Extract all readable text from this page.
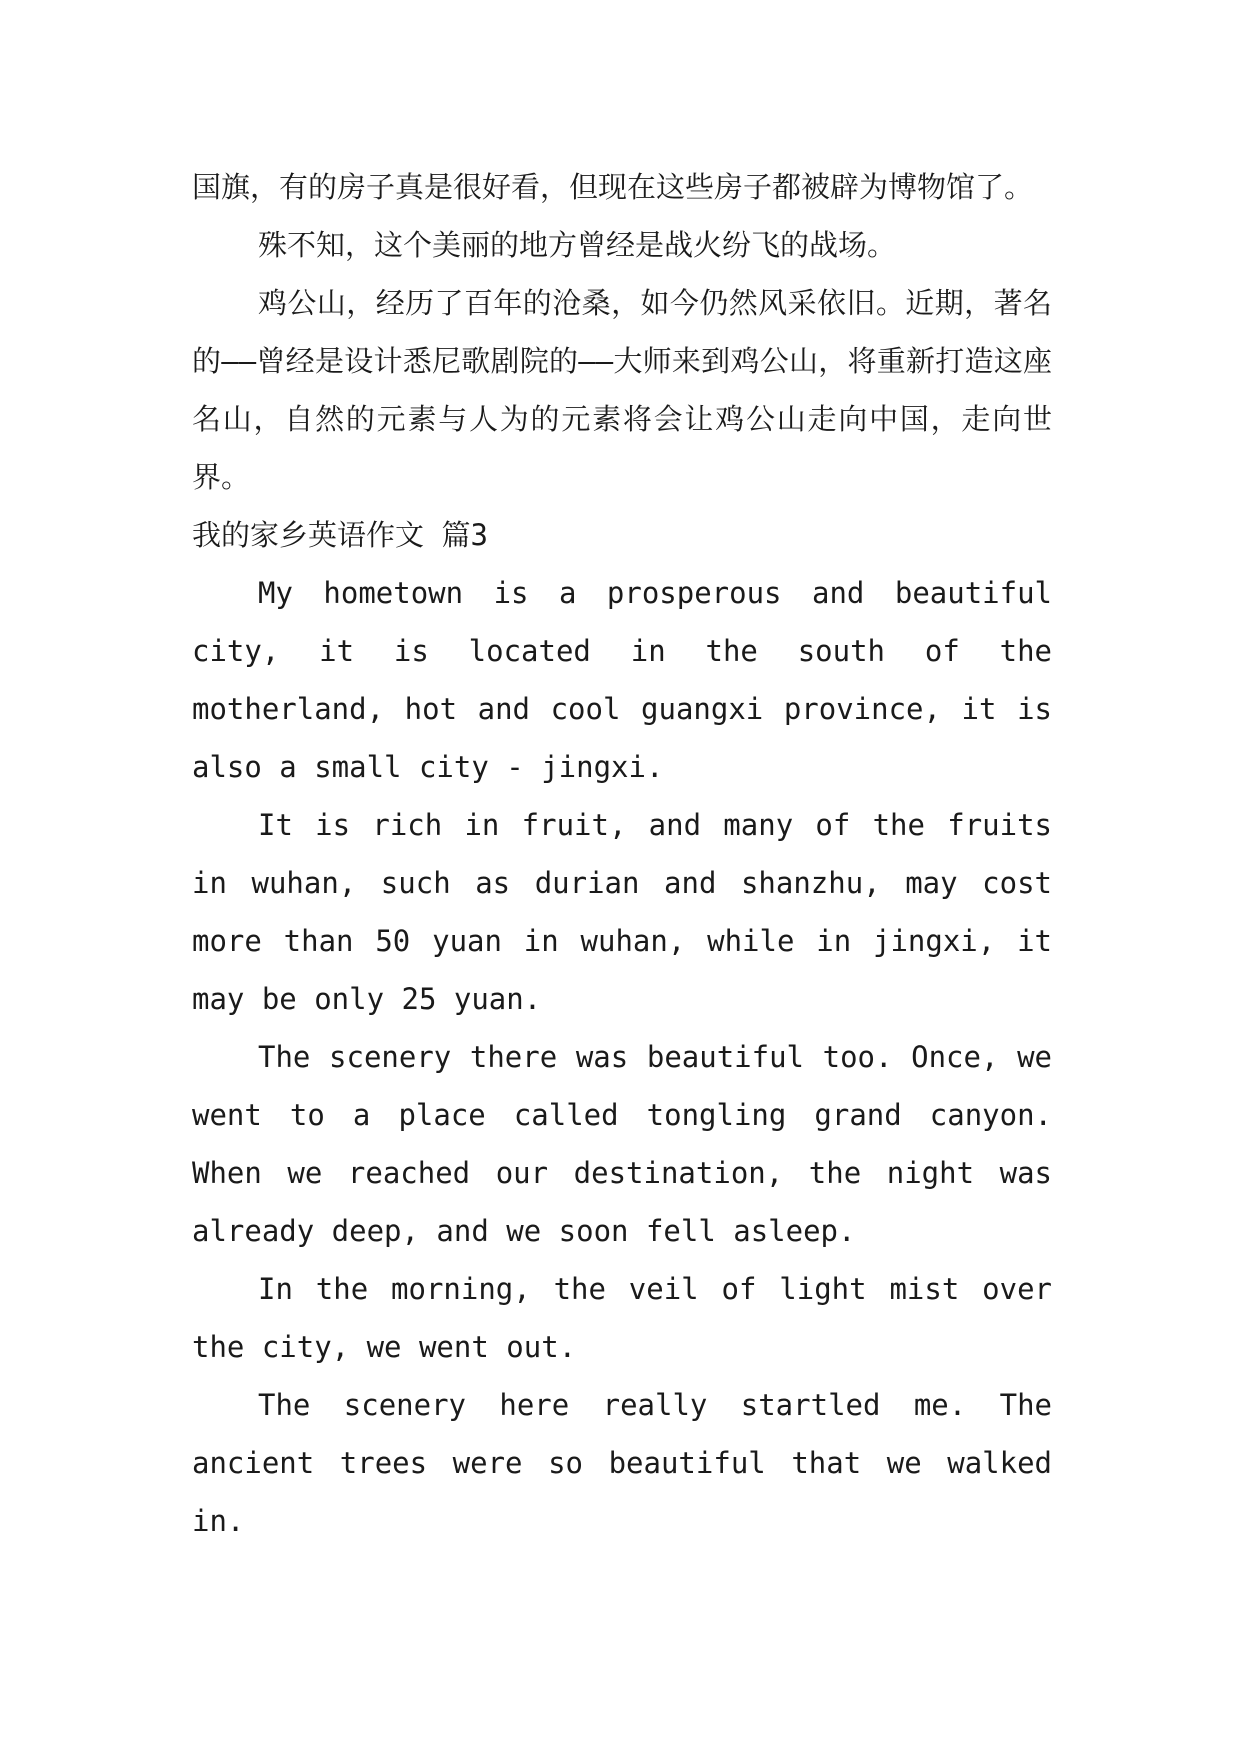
国旗，有的房子真是很好看，但现在这些房子都被辟为博物馆了。

殊不知，这个美丽的地方曾经是战火纷飞的战场。

鸡公山，经历了百年的沧桑，如今仍然风采依旧。近期，著名的——曾经是设计悉尼歌剧院的——大师来到鸡公山，将重新打造这座名山，自然的元素与人为的元素将会让鸡公山走向中国，走向世界。

我的家乡英语作文 篇3

My hometown is a prosperous and beautiful city, it is located in the south of the motherland, hot and cool guangxi province, it is also a small city - jingxi.

It is rich in fruit, and many of the fruits in wuhan, such as durian and shanzhu, may cost more than 50 yuan in wuhan, while in jingxi, it may be only 25 yuan.

The scenery there was beautiful too. Once, we went to a place called tongling grand canyon. When we reached our destination, the night was already deep, and we soon fell asleep.

In the morning, the veil of light mist over the city, we went out.

The scenery here really startled me. The ancient trees were so beautiful that we walked in.
